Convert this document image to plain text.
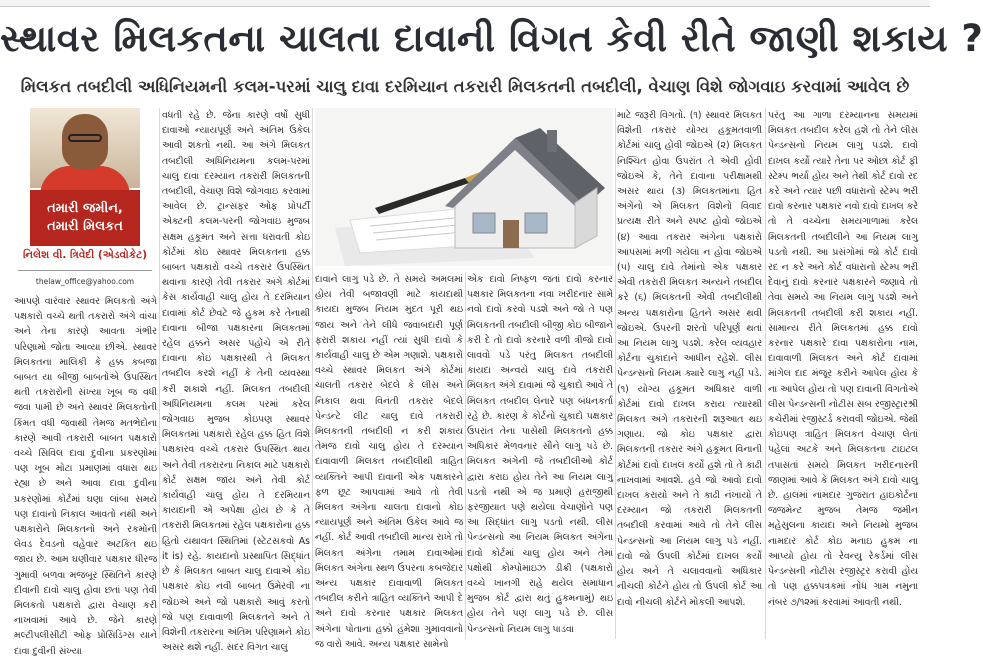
સ્થાવર મિલકતના ચાલતા દાવાની વિગત કેવી રીતે જાણી શકાય ?
મિલકત તબદીલી અધિનિયમની કલમ-પરમાં ચાલુ દાવા દરમિયાન તકરારી મિલકતની તબદીલી, વેચાણ વિશે જોગવાઇ કરવામાં આવેલ છે
તમારી જમીન,
તમારી મિલકત
નિલેશ વી. ત્રિવેદી (એડવોકેટ)
thelaw_office@yahoo.com

આપણે વારંવાર સ્થાવર મિલકતો અંગે પક્ષકારો વચ્ચે થતી તકરારો અંગે વાંચા અને તેના કારણે આવતા ગંભીર પરિણામો જોતા આવ્યા છીએ. સ્થાવર મિલકતના માલિકી કે હક્ક કબજા બાબત યા બીજી બાબતોએ ઉપસ્થિત થતી તકરારોની સંખ્યા ખૂબ જ વધી જવા પામી છે અને સ્થાવર મિલકતોની કિંમત વધી જવાથી તેમજ મતભેદોના કારણે આવી તકરારી બાબત પક્ષકારો વચ્ચે સિવિલ દાવા દુવીના પ્રકરણોમાં પણ ખૂબ મોટા પ્રમાણમાં વધારા થઇ રહ્યા છે અને આવા દાવા દુવીના પ્રકરણોમાં કોર્ટમાં ઘણા લાંબા સમયે પણ દાવાનો નિકાલ આવતો નથી અને પક્ષકારોને મિલકતનો અને રકમોની લેવડ દેવડનો વહેવાર અટકિત થઇ જાય છે. આમ ઘણીવાર પક્ષકાર ધીરજ ગુમાવી બળવા મજબૂર સ્થિતિને કારણે દીવાની દાવો ચાલુ હોવા છતાં પણ તેવી મિલકતો પક્ષકારો દ્વારા વેચાણ કરી નાખવામાં આવે છે. જેને કારણે મલ્ટીપલીસીટી ઓફ પ્રોસિડિંગ્સ યાને દાવા દુવીની સંખ્યા

વધતી રહે છે. જેના કારણે વર્ષો સુધી દાવાઓ ન્યાયપૂર્ણ અને અંતિમ ઉકેલ આવી શકતો નથી. આ અંગે મિલકત તબદીલી અધિનિયમના કલમ-પરમાં ચાલુ દાવા દરમ્યાન તકરારી મિલકતની તબદીલી, વેચાણ વિશે જોગવાઇ કરવામાં આવેલ છે. ટ્રાન્સફર ઓફ પ્રોપર્ટી એક્ટની કલમ-પરની જોગવાઇ મુજબ સક્ષમ હકૂમત અને સત્તા ધરાવતી કોઇ કોર્ટમાં કોઇ સ્થાવર મિલકતના હક્ક બાબત પક્ષકારો વચ્ચે તકરાર ઉપસ્થિત થવાના કારણે તેવી તકરાર અંગે કોર્ટમાં કેસ કાર્યવાહી ચાલુ હોય તે દરમિયાન દાવામાં કોર્ટ છેવટે જે હુકમ કરે તેનાથી દાવાના બીજા પક્ષકારના મિલકતમાં રહેલ હક્કને અસર પહોંચે એ રીતે દાવાના કોઇ પક્ષકારથી તે મિલકત તબદીલ કરશે નહીં કે તેની વ્યવસ્થા કરી શકાશે નહીં. મિલકત તબદીલી અધિનિયમના કલમ પરમાં કરેલ જોગવાઇ મુજબ કોઇપણ સ્થાવર મિલકતમાં પક્ષકારો રહેલ હક્ક હિત વિશે પક્ષકારવ વચ્ચે તકરાર ઉપસ્થિત થાય અને તેવી તકરારના નિકાલ માટે પક્ષકારો કોર્ટ સક્ષમ જાય અને તેવી કોર્ટ કાર્યવાહી ચાલુ હોય તે દરમિયાન કાયદાની એ અપેક્ષા હોય છે કે તે તકરારી મિલકતમાં રહેલ પક્ષકારોના હક્ક હિતો યથાવત સ્થિતિમાં (સ્ટેટસકવો As it is) રહે. કાયદાનો પ્રસ્થાપિત સિદ્ધાંત છે કે મિલકત બાબત ચાલુ દાવાએ કોઇ પક્ષકાર કોઇ નવી બાબત ઉમેરવી ના જોઇએ અને જો પક્ષકારો આવું કરતો જો પણ દાવાવાળી મિલકતને અને તે વિશેની તકરારના અંતિમ પરિણામને કોઇ અસર થશે નહીં. સદર વિગત ચાલુ

દાવાને લાગુ પડે છે. તે સમયે અમલમાં હોય તેવી બજાવણી માટે કાયદાથી કાયદા મુજબ નિયમ મુદત પૂરી થઇ જાય અને તેને લીધે જવાબદારી પૂર્ણ ફરારી શકાય નહીં ત્યાં સુધી દાવો કે કાર્યવાહી ચાલુ છે એમ ગણાશે. પક્ષકારો વચ્ચે સ્થાવર મિલકત અંગે કોર્ટમાં ચાલતી તકરાર બેદલે કે લીસ અને નિકાલ થવા વિનંતી તકરાર બેદલે પેન્ડન્ટે લીટ ચાલુ દાવે તકરારી મિલકતની તબદીલી ન કરી શકાય તેમજ દાવો ચાલુ હોય તે દરમ્યાન દાવાવાળી મિલકત તબદીલીથી ત્રાહિત વ્યક્તિને આપી દાવાની એક પક્ષકારને ફળ છૂટ આપવામાં આવે તો તેવી મિલકત અંગેના ચાલતા દાવાનો કોઇ ન્યાયપૂર્ણ અને અંતિમ ઉકેલ આવે જ નહીં. કોર્ટ આવી તબદીલી માન્ય રાખે તો મિલકત અંગેના તમામ દાવાઓમાં મિલકત અંગેના સ્થળ ઉપરના કબજેદાર અન્ય પક્ષકાર દાવાવાળી મિલકત તબદીલ કરીને ત્રાહિત વ્યક્તિને આપી દે અને દાવો કરનાર પક્ષકાર મિલકત અંગેના પોતાના હક્કો હંમેશા ગુમાવવાનો જ વારો આવે. અન્ય પક્ષકાર સામેનો

એક દાવો નિષ્ફળ જતાં દાવો કરનાર પક્ષકાર મિલકતના નવા ખરીદનાર સામે નવો દાવો કરવો પડશે અને જો તે પણ મિલકતની તબદીલી બીજી કોઇ બીજાને કરી દે તો દાવો કરનારે વળી ત્રીજો દાવો લાવવો પડે પરંતુ મિલકત તબદીલી કાયદા અન્વયે ચાલુ દાવે તકરારી મિલકત અંગે દાવામાં જે ચુકાદો આવે તે મિલકત તબદીલ લેનારે પણ બંધનકર્તા રહે છે. કારણ કે કોર્ટનો ચુકાદો પક્ષકાર ઉપરાંત તેના પાસેથી મિલકતનો હક્ક અધિકાર મેળવનાર સૌને લાગુ પડે છે. મિલકત અંગેની જે તબદીલીઓ કોર્ટ દ્વારા કરાઇ હોય તેને આ નિયમ લાગુ પડતો નથી એ જ પ્રમાણે હરાજીથી ફરજીયાત પણે થયેલા વેચાણોને પણ આ સિદ્ધાંત લાગુ પડતો નથી. લીસ પેન્ડન્સનો આ નિયમ મિલકત અંગેના દાવો કોર્ટમાં ચાલુ હોય અને તેમાં પક્ષોથી કોમ્પોમાઇઝ ડીક્રી (પક્ષકારો વચ્ચે ખાનગી રાહે થયેલ સમાધાન મુજબ કોર્ટ દ્વારા થતું હુકમનામું) થઇ હોય તેને પણ લાગુ પડે છે. લીસ પેન્ડન્સનો નિયમ લાગુ પાડવા

માટે જરૂરી વિગતો. (૧) સ્થાવર મિલકત વિશેની તકરાર યોગ્ય હકૂમતવાળી કોર્ટમાં ચાલુ હોવી જોઇએ (૨) મિલકત નિશ્ચિત હોવા ઉપરાંત તે એવી હોવી જોઇએ કે, તેને દાવાના પરીક્ષામથી અસર થાય (૩) મિલકતમાંના હિત અંગેનો એ મિલકત વિશેનો વિવાદ પ્રત્યક્ષ રીતે અને સ્પષ્ટ હોવો જોઇએ (૪) આવા તકરાર અંગેના પક્ષકારો આપસમાં મળી ગયેલા ન હોવા જોઇએ (૫) ચાલુ દાવે તેમાંનો એક પક્ષકાર એવી તકરારી મિલકત અન્યને તબદીલ કરે (૬) મિલકતની એવી તબદીલીથી અન્ય પક્ષકારોના હિતને અસર થવી જોઇએ. ઉપરની શરતો પરિપૂર્ણ થતાં આ નિયમ લાગુ પડશે. કરેલ વ્યવહાર કોર્ટના ચુકાદાને આધીન રહેશે. લીસ પેન્ડન્સનો નિયમ ક્યારે લાગુ નહીં પડે. (૧) યોગ્ય હકૂમત અધિકાર વાળી કોર્ટમાં દાવો દાખલ કરાય ત્યારથી મિલકત અંગે તકરારની શરૂઆત થઇ ગણાય. જો કોઇ પક્ષકાર દ્વારા મિલકતની તકરાર અંગે હકૂમત વિનાની કોર્ટમાં દાવો દાખલ કર્યો હશે તો તે કાઢી નાખવામાં આવશે. હવે જો આવો દાવો દાખલ કરાયો અને તે કાઢી નંખાયો તે દરમ્યાન જો તકરારી મિલકતની તબદીલી કરવામાં આવે તો તેને લીસ પેન્ડન્સનો આ નિયમ લાગુ પડે નહીં. દાવો જો ઉપલી કોર્ટમાં દાખલ કર્યો હોય અને તે ચલાવવાનો અધિકાર નીચલી કોર્ટને હોય તો ઉપલી કોર્ટ આ દાવો નીચલી કોર્ટને મોકલી આપશે.

પરંતુ આ ગાળા દરમ્યાનના સમયમાં મિલકત તબદીલ કરેલ હશે તો તેને લીસ પેન્ડન્સનો નિયમ લાગુ પડશે. દાવો દાખલ કર્યો ત્યારે તેના પર ઓછા કોર્ટ ફી સ્ટેમ્પ ભર્યા હોય અને તેથી કોર્ટ દાવો રદ કરે અને ત્યાર પછી વધારાનો સ્ટેમ્પ ભરી દાવો કરનાર પક્ષકાર નવો દાવો દાખલ કરે તો તે વચ્ચેના સમયગાળામાં કરેલ મિલકતની તબદીલીને આ નિયમ લાગુ પડતો નથી. આ પ્રસંગોમાં જો કોર્ટ દાવો રદ ન કરે અને કોર્ટ વધારાનો સ્ટેમ્પ ભરી દેવાનું દાવો કરનાર પક્ષકારને જણાવે તો તેવા સમયે આ નિયમ લાગુ પડશે અને મિલકતની તબદીલી કરી શકાય નહીં. સામાન્ય રીતે મિલકતમાં હક્ક દાવો કરનાર પક્ષકારે દાવા પક્ષકારોના નામ, દાવાવાળી મિલકત અને કોર્ટ દાવામાં માંગેલ દાદ મંજૂર કરીને આપેલ હોય કે ના આપેલ હોય તો પણ દાવાની વિગતોએ લીસ પેન્ડન્સની નોટીસ સબ રજીસ્ટ્રારશ્રી કચેરીમાં રજીસ્ટર્ડ કરાવવી જોઇએ. જેથી કોઇપણ ત્રાહિત મિલકત વેચાણ લેતાં પહેલાં અટકે અને મિલકતના ટાઇટલ તપાસતાં સમયે મિલકત ખરીદનારની જાણમાં આવે કે મિલકત અંગે દાવો ચાલુ છે. હાલમાં નામદાર ગુજરાત હાઇકોર્ટના જજમેન્ટ મુજબ તેમજ જમીન મહેસુલના કાયદા અને નિયમો મુજબ નામદાર કોર્ટ કોઇ મનાઇ હુકમ ના આપ્યો હોય તો રેવન્યુ રેકર્ડમાં લીસ પેન્ડન્સની નોટીસ રજીસ્ટ્રર કરાવી હોય તો પણ હક્કપત્રકમાં નોંધ ગામ નમુના નંબર ૭/૧૨માં કરવામાં આવતી નથી.
